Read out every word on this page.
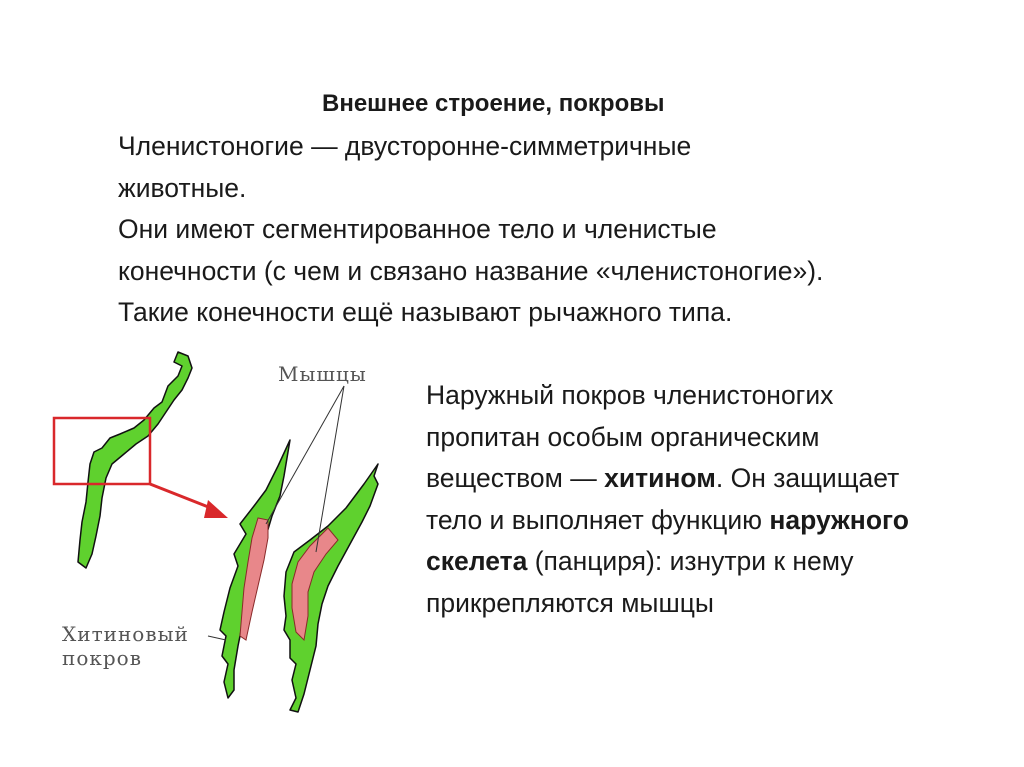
Внешнее строение, покровы

Членистоногие — двусторонне-симметричные

животные.

Они имеют сегментированное тело и членистые

конечности (с чем и связано название «членистоногие»).

Такие конечности ещё называют рычажного типа.

Наружный покров членистоногих

пропитан особым органическим

веществом — хитином. Он защищает

тело и выполняет функцию наружного

скелета (панциря): изнутри к нему

прикрепляются мышцы

Мышцы
Хитиновый
покров
